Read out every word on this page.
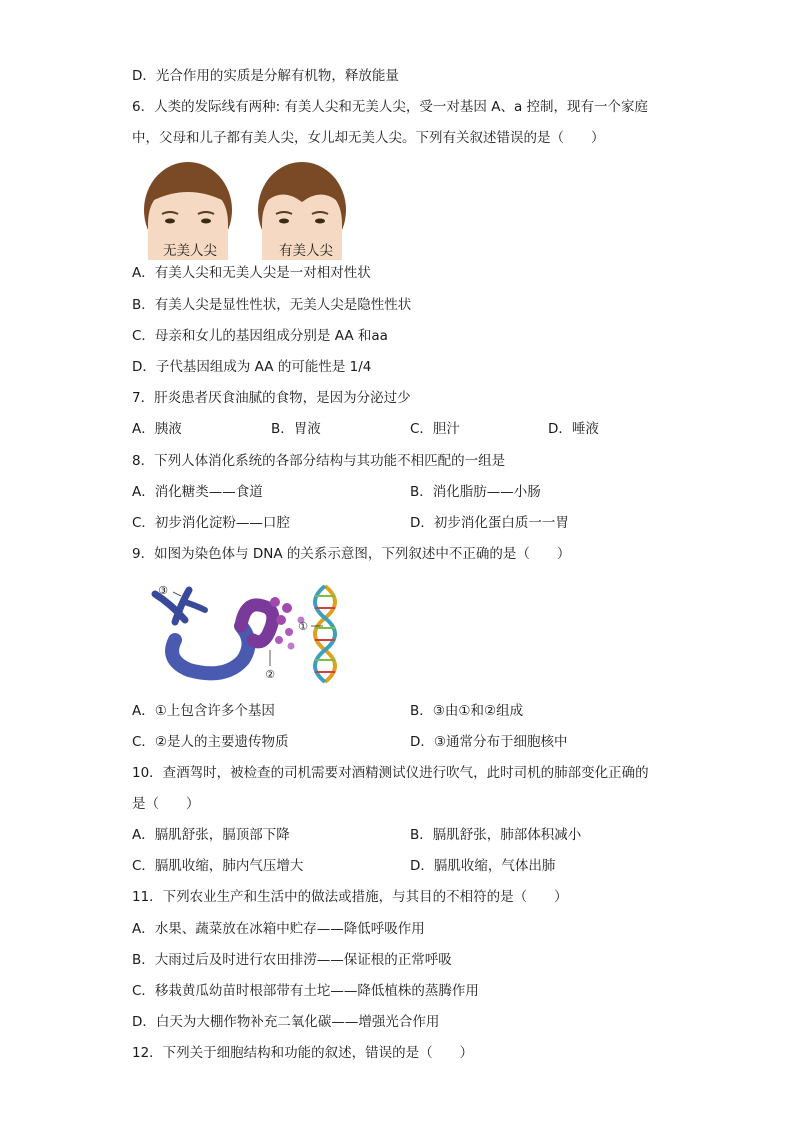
D．光合作用的实质是分解有机物，释放能量
6．人类的发际线有两种: 有美人尖和无美人尖，受一对基因 A、a 控制，现有一个家庭
中，父母和儿子都有美人尖，女儿却无美人尖。下列有关叙述错误的是（　　）
无美人尖	有美人尖
A．有美人尖和无美人尖是一对相对性状
B．有美人尖是显性性状，无美人尖是隐性性状
C．母亲和女儿的基因组成分别是 AA 和aa
D．子代基因组成为 AA 的可能性是 1/4
7．肝炎患者厌食油腻的食物，是因为分泌过少
A．胰液	B．胃液	C．胆汁	D．唾液
8．下列人体消化系统的各部分结构与其功能不相匹配的一组是
A．消化糖类——食道	B．消化脂肪——小肠
C．初步消化淀粉——口腔	D．初步消化蛋白质一一胃
9．如图为染色体与 DNA 的关系示意图，下列叙述中不正确的是（　　）
③
①
②
A．①上包含许多个基因	B．③由①和②组成
C．②是人的主要遗传物质	D．③通常分布于细胞核中
10．查酒驾时，被检查的司机需要对酒精测试仪进行吹气，此时司机的肺部变化正确的
是（　　）
A．膈肌舒张，膈顶部下降	B．膈肌舒张，肺部体积减小
C．膈肌收缩，肺内气压增大	D．膈肌收缩，气体出肺
11．下列农业生产和生活中的做法或措施，与其目的不相符的是（　　）
A．水果、蔬菜放在冰箱中贮存——降低呼吸作用
B．大雨过后及时进行农田排涝——保证根的正常呼吸
C．移栽黄瓜幼苗时根部带有土坨——降低植株的蒸腾作用
D．白天为大棚作物补充二氧化碳——增强光合作用
12．下列关于细胞结构和功能的叙述，错误的是（　　）
